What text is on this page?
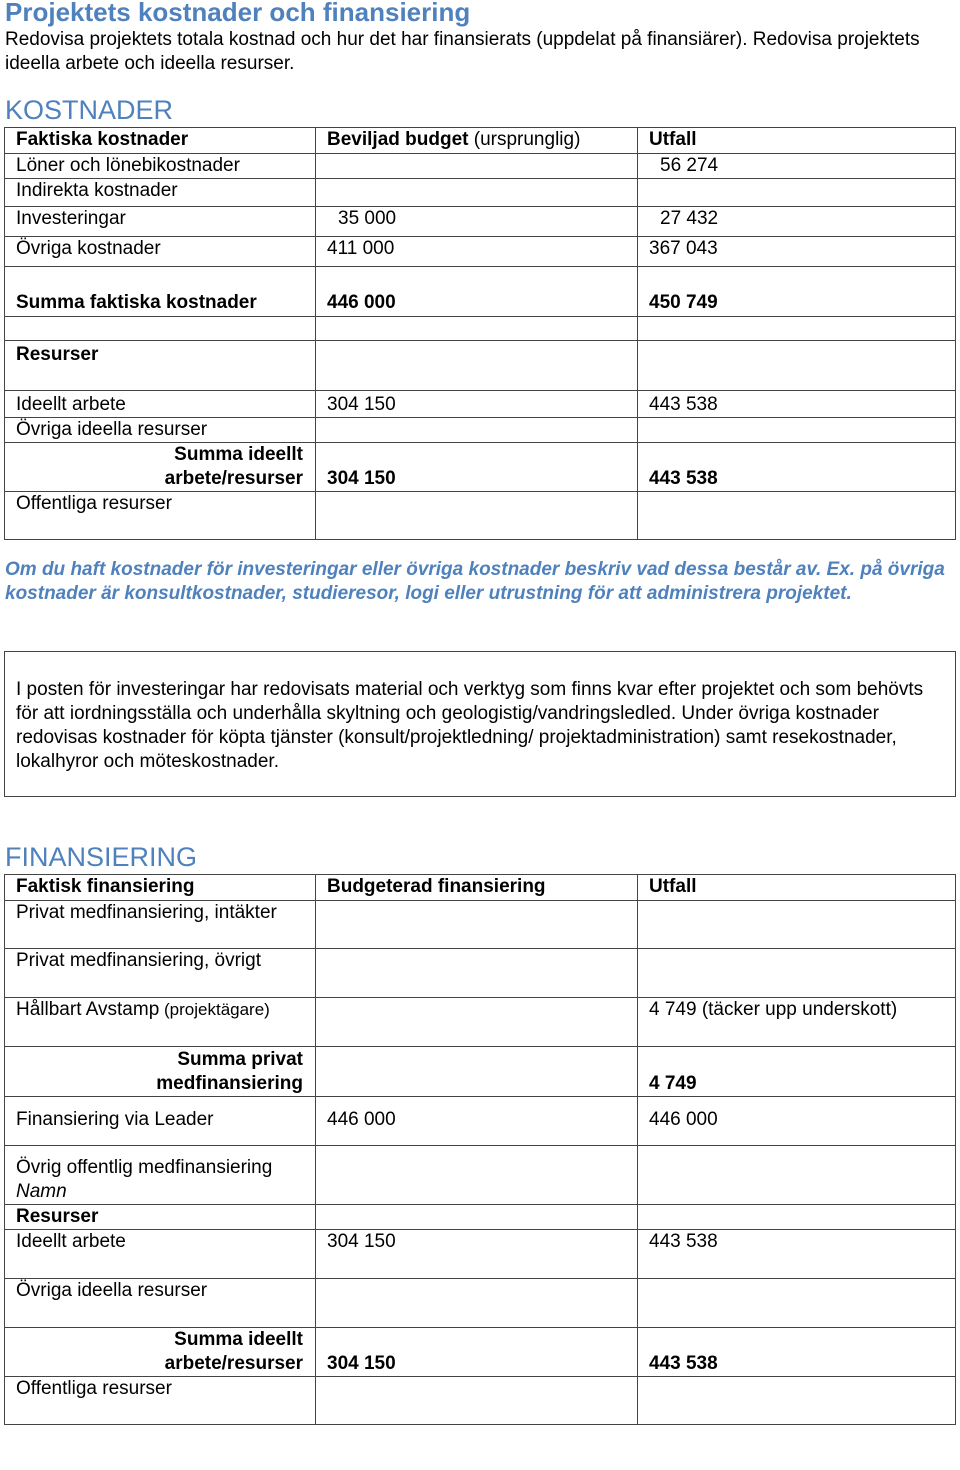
Projektets kostnader och finansiering
Redovisa projektets totala kostnad och hur det har finansierats (uppdelat på finansiärer). Redovisa projektets ideella arbete och ideella resurser.
KOSTNADER
Faktiska kostnader	Beviljad budget (ursprunglig)	Utfall
Löner och lönebikostnader		56 274
Indirekta kostnader		
Investeringar	35 000	27 432
Övriga kostnader	411 000	367 043
Summa faktiska kostnader	446 000	450 749

Resurser		
Ideellt arbete	304 150	443 538
Övriga ideella resurser		

Summa ideellt
arbete/resurser	304 150	443 538
Offentliga resurser		
Om du haft kostnader för investeringar eller övriga kostnader beskriv vad dessa består av. Ex. på övriga kostnader är konsultkostnader, studieresor, logi eller utrustning för att administrera projektet.

I posten för investeringar har redovisats material och verktyg som finns kvar efter projektet och som behövts för att iordningsställa och underhålla skyltning och geologistig/vandringsledled. Under övriga kostnader redovisas kostnader för köpta tjänster (konsult/projektledning/ projektadministration) samt resekostnader, lokalhyror och möteskostnader.

FINANSIERING
Faktisk finansiering	Budgeterad finansiering	Utfall
Privat medfinansiering, intäkter		
Privat medfinansiering, övrigt		
Hållbart Avstamp (projektägare)		4 749 (täcker upp underskott)

Summa privat
medfinansiering		4 749
Finansiering via Leader	446 000	446 000

Övrig offentlig medfinansiering
Namn		

Resurser		
Ideellt arbete	304 150	443 538
Övriga ideella resurser		

Summa ideellt
arbete/resurser	304 150	443 538
Offentliga resurser		
